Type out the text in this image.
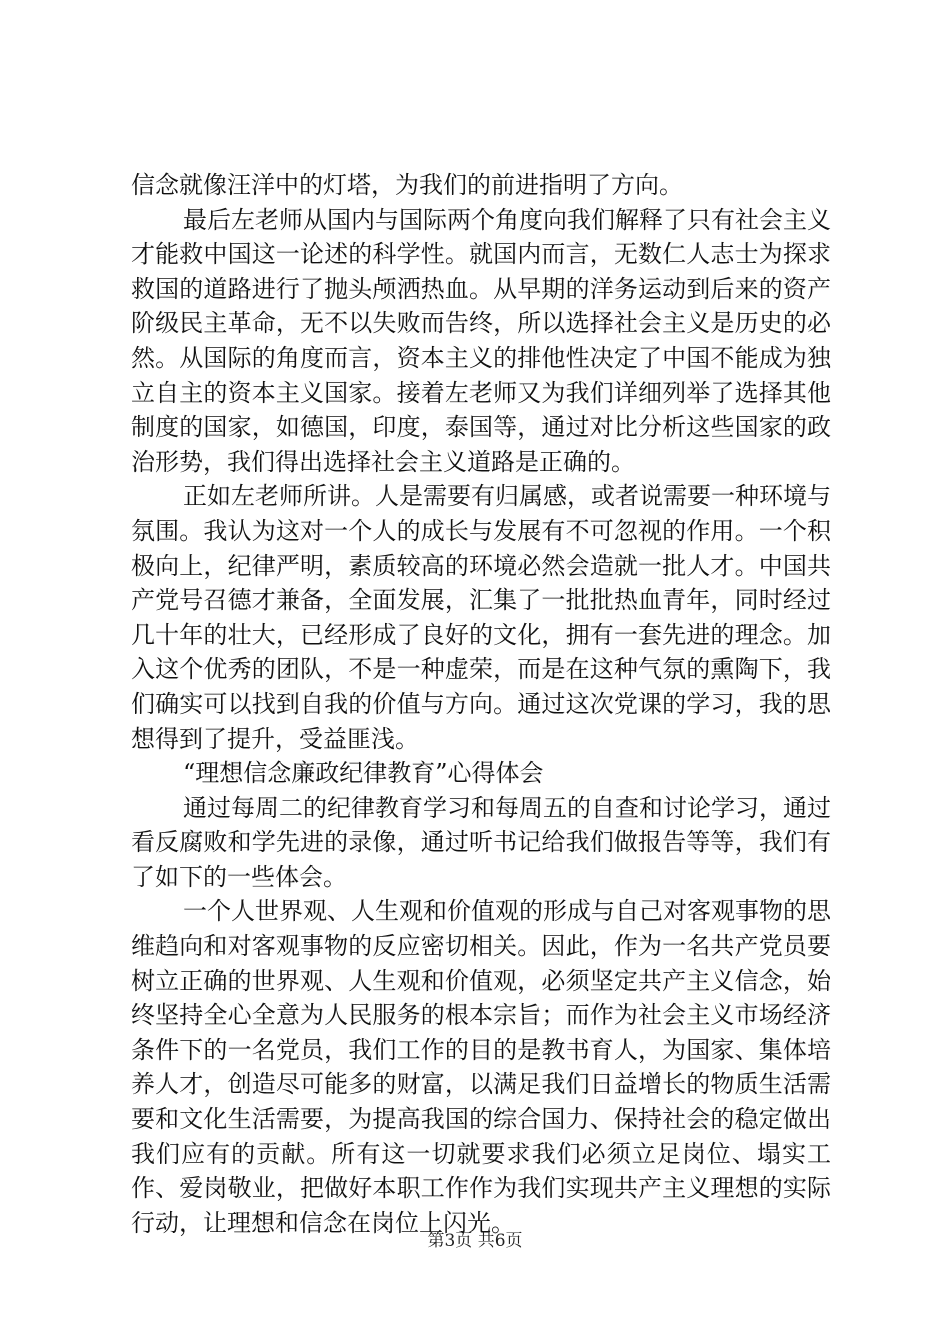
信念就像汪洋中的灯塔，为我们的前进指明了方向。

最后左老师从国内与国际两个角度向我们解释了只有社会主义才能救中国这一论述的科学性。就国内而言，无数仁人志士为探求救国的道路进行了抛头颅洒热血。从早期的洋务运动到后来的资产阶级民主革命，无不以失败而告终，所以选择社会主义是历史的必然。从国际的角度而言，资本主义的排他性决定了中国不能成为独立自主的资本主义国家。接着左老师又为我们详细列举了选择其他制度的国家，如德国，印度，泰国等，通过对比分析这些国家的政治形势，我们得出选择社会主义道路是正确的。

正如左老师所讲。人是需要有归属感，或者说需要一种环境与氛围。我认为这对一个人的成长与发展有不可忽视的作用。一个积极向上，纪律严明，素质较高的环境必然会造就一批人才。中国共产党号召德才兼备，全面发展，汇集了一批批热血青年，同时经过几十年的壮大，已经形成了良好的文化，拥有一套先进的理念。加入这个优秀的团队，不是一种虚荣，而是在这种气氛的熏陶下，我们确实可以找到自我的价值与方向。通过这次党课的学习，我的思想得到了提升，受益匪浅。

“理想信念廉政纪律教育”心得体会

通过每周二的纪律教育学习和每周五的自查和讨论学习，通过看反腐败和学先进的录像，通过听书记给我们做报告等等，我们有了如下的一些体会。

一个人世界观、人生观和价值观的形成与自己对客观事物的思维趋向和对客观事物的反应密切相关。因此，作为一名共产党员要树立正确的世界观、人生观和价值观，必须坚定共产主义信念，始终坚持全心全意为人民服务的根本宗旨；而作为社会主义市场经济条件下的一名党员，我们工作的目的是教书育人，为国家、集体培养人才，创造尽可能多的财富，以满足我们日益增长的物质生活需要和文化生活需要，为提高我国的综合国力、保持社会的稳定做出我们应有的贡献。所有这一切就要求我们必须立足岗位、塌实工作、爱岗敬业，把做好本职工作作为我们实现共产主义理想的实际行动，让理想和信念在岗位上闪光。

第3页 共6页
